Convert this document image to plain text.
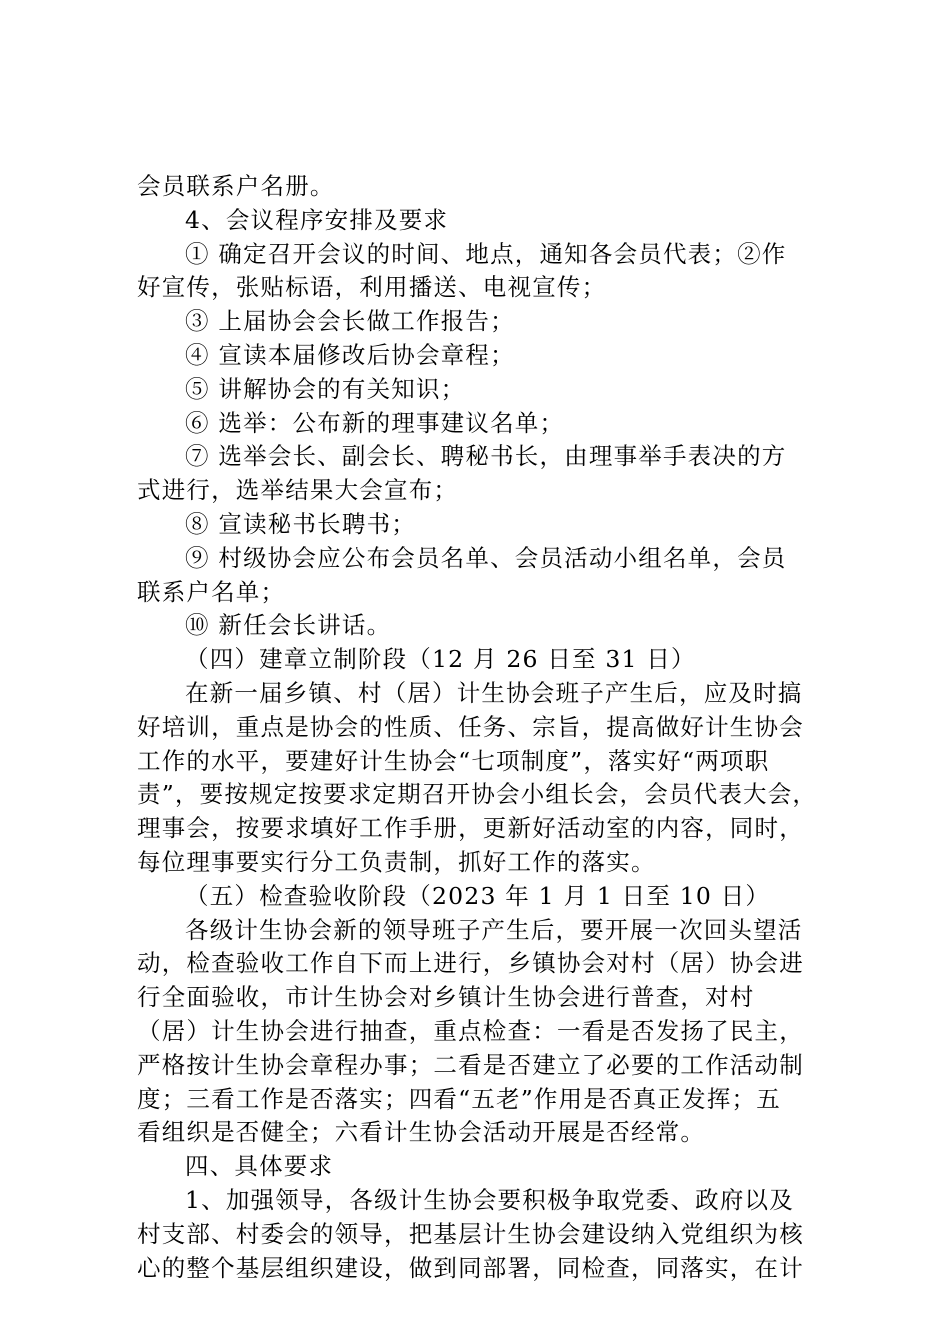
会员联系户名册。
4、会议程序安排及要求
① 确定召开会议的时间、地点，通知各会员代表；②作
好宣传，张贴标语，利用播送、电视宣传；
③ 上届协会会长做工作报告；
④ 宣读本届修改后协会章程；
⑤ 讲解协会的有关知识；
⑥ 选举：公布新的理事建议名单；
⑦ 选举会长、副会长、聘秘书长，由理事举手表决的方
式进行，选举结果大会宣布；
⑧ 宣读秘书长聘书；
⑨ 村级协会应公布会员名单、会员活动小组名单，会员
联系户名单；
⑩ 新任会长讲话。
（四）建章立制阶段（12 月 26 日至 31 日）
在新一届乡镇、村（居）计生协会班子产生后，应及时搞
好培训，重点是协会的性质、任务、宗旨，提高做好计生协会
工作的水平，要建好计生协会“七项制度”，落实好“两项职
责”，要按规定按要求定期召开协会小组长会，会员代表大会，
理事会，按要求填好工作手册，更新好活动室的内容，同时，
每位理事要实行分工负责制，抓好工作的落实。
（五）检查验收阶段（2023 年 1 月 1 日至 10 日）
各级计生协会新的领导班子产生后，要开展一次回头望活
动，检查验收工作自下而上进行，乡镇协会对村（居）协会进
行全面验收，市计生协会对乡镇计生协会进行普查，对村
（居）计生协会进行抽查，重点检查：一看是否发扬了民主，
严格按计生协会章程办事；二看是否建立了必要的工作活动制
度；三看工作是否落实；四看“五老”作用是否真正发挥；五
看组织是否健全；六看计生协会活动开展是否经常。
四、具体要求
1、加强领导，各级计生协会要积极争取党委、政府以及
村支部、村委会的领导，把基层计生协会建设纳入党组织为核
心的整个基层组织建设，做到同部署，同检查，同落实，在计
